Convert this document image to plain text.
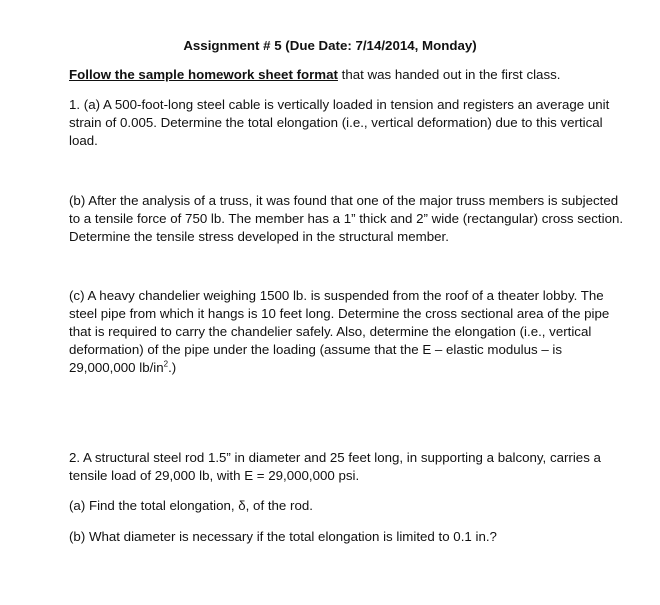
Assignment # 5 (Due Date: 7/14/2014, Monday)

Follow the sample homework sheet format that was handed out in the first class.

1. (a) A 500-foot-long steel cable is vertically loaded in tension and registers an average unit strain of 0.005. Determine the total elongation (i.e., vertical deformation) due to this vertical load.

(b) After the analysis of a truss, it was found that one of the major truss members is subjected to a tensile force of 750 lb. The member has a 1” thick and 2” wide (rectangular) cross section. Determine the tensile stress developed in the structural member.

(c) A heavy chandelier weighing 1500 lb. is suspended from the roof of a theater lobby. The steel pipe from which it hangs is 10 feet long. Determine the cross sectional area of the pipe that is required to carry the chandelier safely. Also, determine the elongation (i.e., vertical deformation) of the pipe under the loading (assume that the E – elastic modulus – is 29,000,000 $lb/in^2$.)

2. A structural steel rod 1.5” in diameter and 25 feet long, in supporting a balcony, carries a tensile load of 29,000 lb, with E = 29,000,000 psi.

(a) Find the total elongation, δ, of the rod.

(b) What diameter is necessary if the total elongation is limited to 0.1 in.?
